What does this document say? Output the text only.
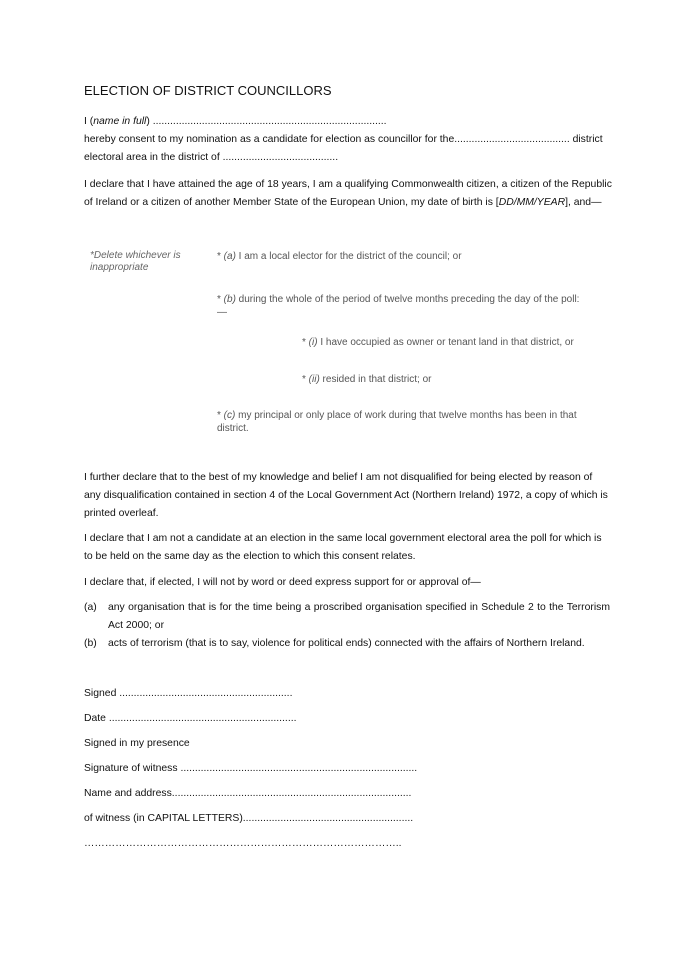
ELECTION OF DISTRICT COUNCILLORS
I (name in full) .................................................................................
hereby consent to my nomination as a candidate for election as councillor for the........................................ district
electoral area in the district of ........................................
I declare that I have attained the age of 18 years, I am a qualifying Commonwealth citizen, a citizen of the Republic
of Ireland or a citizen of another Member State of the European Union, my date of birth is [DD/MM/YEAR], and—
*Delete whichever is inappropriate
* (a) I am a local elector for the district of the council; or
* (b) during the whole of the period of twelve months preceding the day of the poll:—
* (i) I have occupied as owner or tenant land in that district, or
* (ii) resided in that district; or
* (c) my principal or only place of work during that twelve months has been in that district.
I further declare that to the best of my knowledge and belief I am not disqualified for being elected by reason of
any disqualification contained in section 4 of the Local Government Act (Northern Ireland) 1972, a copy of which is
printed overleaf.
I declare that I am not a candidate at an election in the same local government electoral area the poll for which is
to be held on the same day as the election to which this consent relates.
I declare that, if elected, I will not by word or deed express support for or approval of—
(a) any organisation that is for the time being a proscribed organisation specified in Schedule 2 to the Terrorism Act 2000; or
(b) acts of terrorism (that is to say, violence for political ends) connected with the affairs of Northern Ireland.
Signed ............................................................
Date .................................................................
Signed in my presence
Signature of witness ..................................................................................
Name and address...................................................................................
of witness (in CAPITAL LETTERS)...........................................................
………………………………………………………………………………..
